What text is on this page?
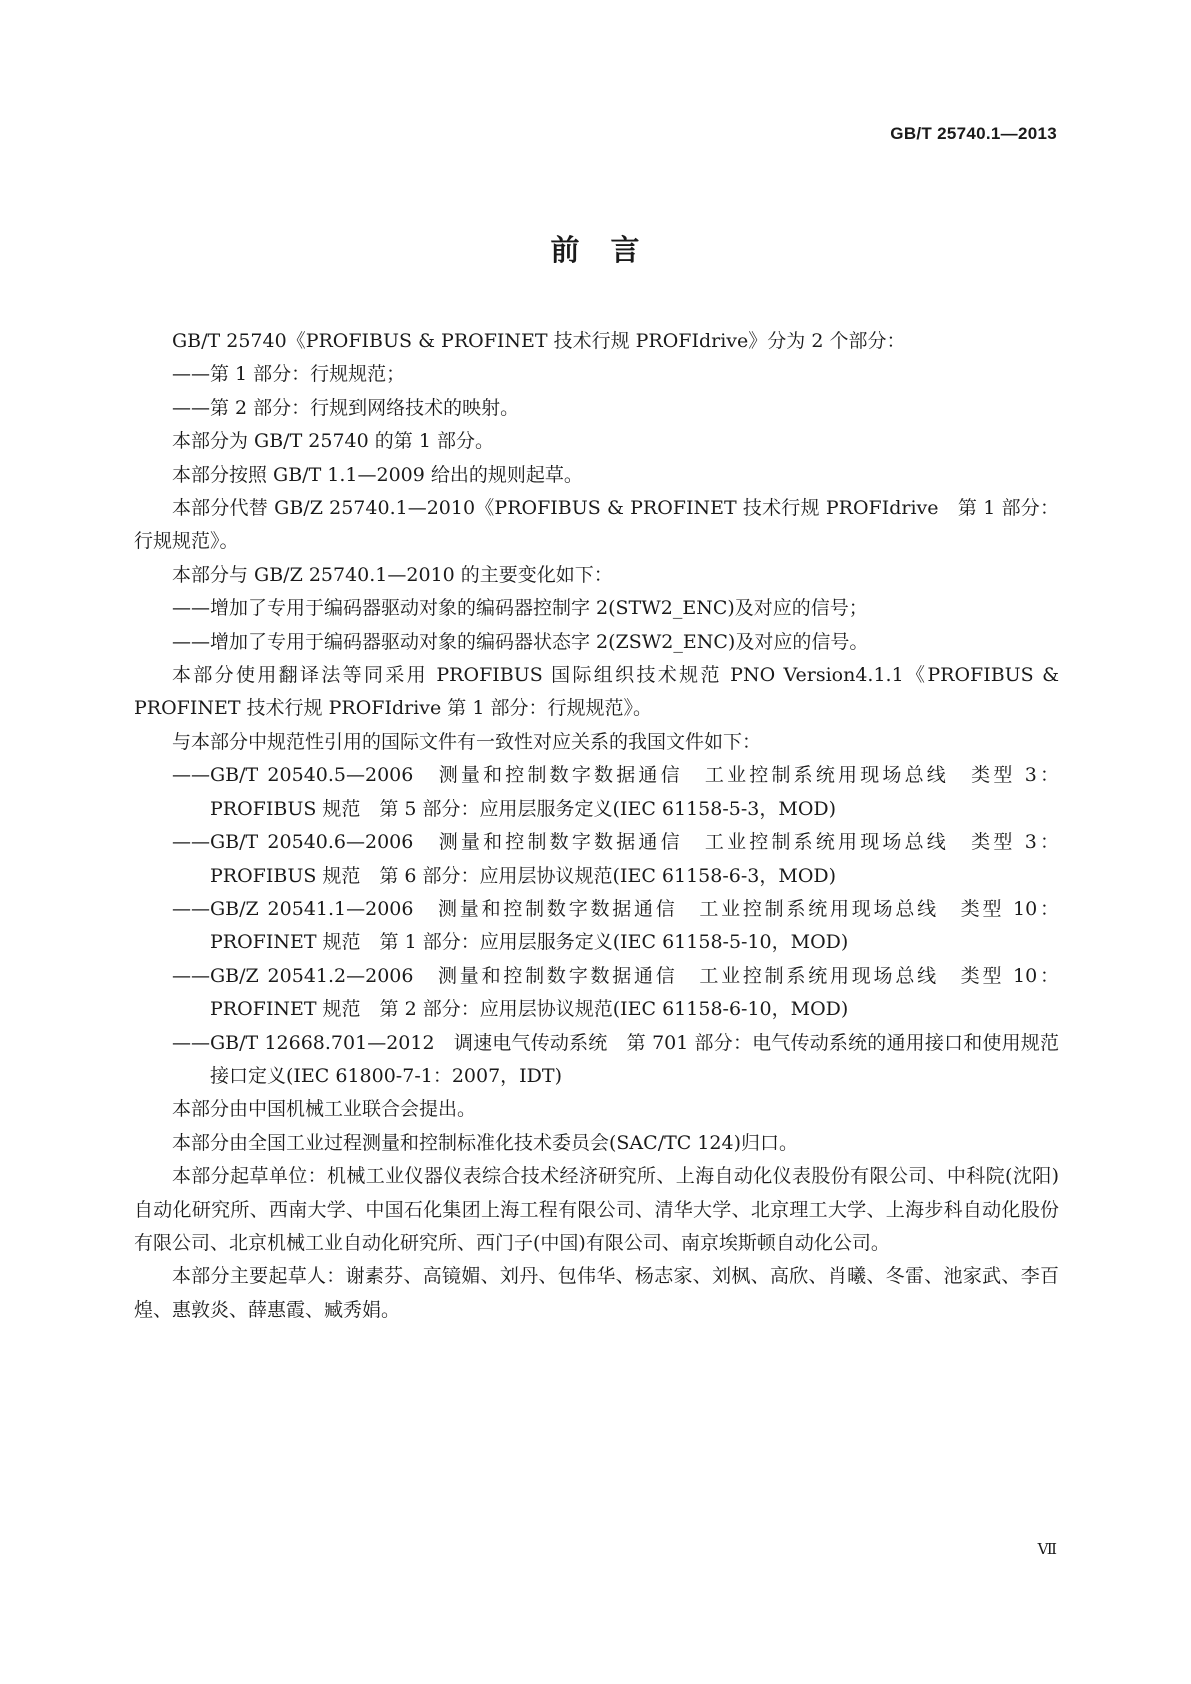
GB/T 25740.1—2013
前　言

GB/T 25740《PROFIBUS & PROFINET 技术行规 PROFIdrive》分为 2 个部分：

——第 1 部分：行规规范；

——第 2 部分：行规到网络技术的映射。

本部分为 GB/T 25740 的第 1 部分。

本部分按照 GB/T 1.1—2009 给出的规则起草。

本部分代替 GB/Z 25740.1—2010《PROFIBUS & PROFINET 技术行规 PROFIdrive　第 1 部分：行规规范》。

本部分与 GB/Z 25740.1—2010 的主要变化如下：

——增加了专用于编码器驱动对象的编码器控制字 2(STW2_ENC)及对应的信号；

——增加了专用于编码器驱动对象的编码器状态字 2(ZSW2_ENC)及对应的信号。

本部分使用翻译法等同采用 PROFIBUS 国际组织技术规范 PNO Version4.1.1《PROFIBUS & PROFINET 技术行规 PROFIdrive 第 1 部分：行规规范》。

与本部分中规范性引用的国际文件有一致性对应关系的我国文件如下：

——GB/T 20540.5—2006　测量和控制数字数据通信　工业控制系统用现场总线　类型 3：PROFIBUS 规范　第 5 部分：应用层服务定义(IEC 61158-5-3，MOD)

——GB/T 20540.6—2006　测量和控制数字数据通信　工业控制系统用现场总线　类型 3：PROFIBUS 规范　第 6 部分：应用层协议规范(IEC 61158-6-3，MOD)

——GB/Z 20541.1—2006　测量和控制数字数据通信　工业控制系统用现场总线　类型 10：PROFINET 规范　第 1 部分：应用层服务定义(IEC 61158-5-10，MOD)

——GB/Z 20541.2—2006　测量和控制数字数据通信　工业控制系统用现场总线　类型 10：PROFINET 规范　第 2 部分：应用层协议规范(IEC 61158-6-10，MOD)

——GB/T 12668.701—2012　调速电气传动系统　第 701 部分：电气传动系统的通用接口和使用规范　接口定义(IEC 61800-7-1：2007，IDT)

本部分由中国机械工业联合会提出。

本部分由全国工业过程测量和控制标准化技术委员会(SAC/TC 124)归口。

本部分起草单位：机械工业仪器仪表综合技术经济研究所、上海自动化仪表股份有限公司、中科院(沈阳)自动化研究所、西南大学、中国石化集团上海工程有限公司、清华大学、北京理工大学、上海步科自动化股份有限公司、北京机械工业自动化研究所、西门子(中国)有限公司、南京埃斯顿自动化公司。

本部分主要起草人：谢素芬、高镜媚、刘丹、包伟华、杨志家、刘枫、高欣、肖曦、冬雷、池家武、李百煌、惠敦炎、薛惠霞、臧秀娟。

Ⅶ
